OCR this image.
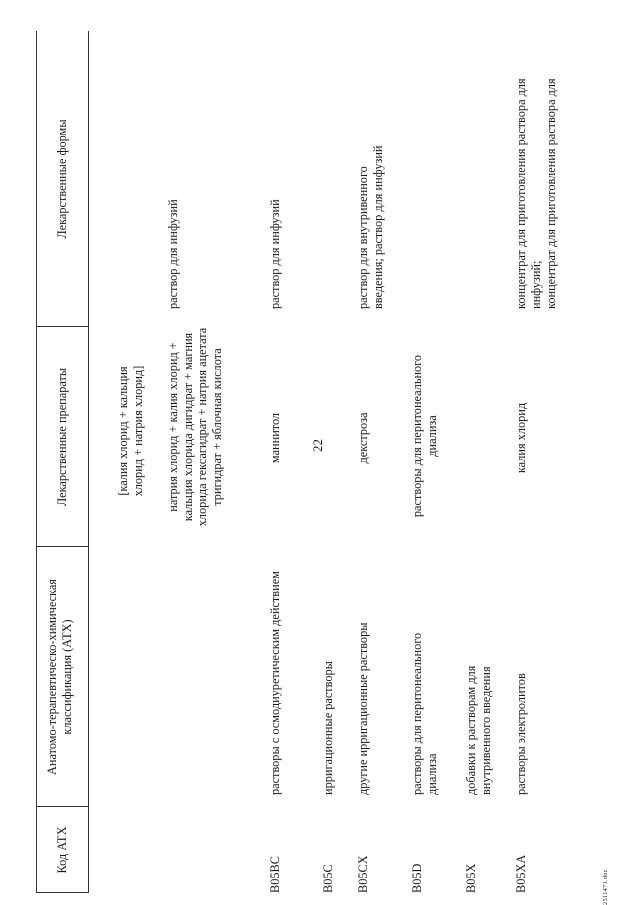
22
Код АТХ
Анатомо-терапевтическо-химическая классификация (АТХ)
Лекарственные препараты
Лекарственные формы
[калия хлорид + кальция хлорид + натрия хлорид] натрия хлорид + калия хлорид + кальция хлорида дигидрат + магния хлорида гексагидрат + натрия ацетата тригидрат + яблочная кислота
раствор для инфузий
B05BC
растворы с осмодиуретическим действием
маннитол
раствор для инфузий
B05C
ирригационные растворы
B05CX
другие ирригационные растворы
декстроза
раствор для внутривенного введения; раствор для инфузий
B05D
растворы для перитонеального диализа
растворы для перитонеального диализа
B05X
добавки к растворам для внутривенного введения
B05XA
растворы электролитов
калия хлорид
концентрат для приготовления раствора для инфузий; концентрат для приготовления раствора для
2511471.doc
